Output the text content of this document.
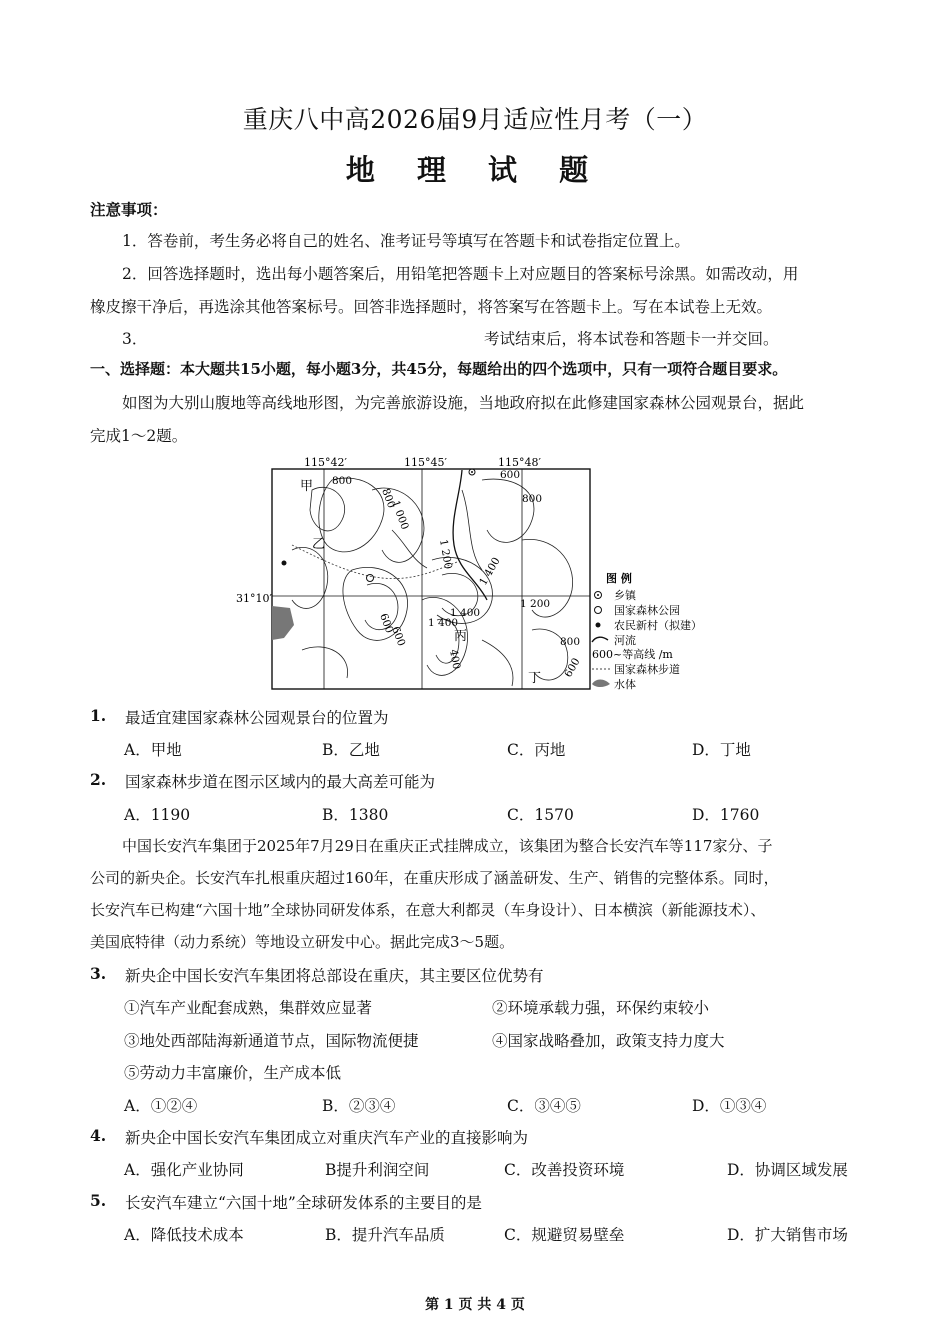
重庆八中高2026届9月适应性月考（一）
地 理 试 题
注意事项：
1．答卷前，考生务必将自己的姓名、准考证号等填写在答题卡和试卷指定位置上。
2．回答选择题时，选出每小题答案后，用铅笔把答题卡上对应题目的答案标号涂黑。如需改动，用
橡皮擦干净后，再选涂其他答案标号。回答非选择题时，将答案写在答题卡上。写在本试卷上无效。
3．	考试结束后，将本试卷和答题卡一并交回。
一、选择题：本大题共15小题，每小题3分，共45分，每题给出的四个选项中，只有一项符合题目要求。
如图为大别山腹地等高线地形图，为完善旅游设施，当地政府拟在此修建国家森林公园观景台，据此
完成1～2题。
115°42′	115°45′	115°48′
31°10′
800
800
1 000
600
800
1 200
1 400
1 400
1 200
600
600
1 400
400
800
600
甲
乙
丙
丁
图 例
乡镇
国家森林公园
农民新村（拟建）
河流
600~等高线 /m
国家森林步道
水体
1. 最适宜建国家森林公园观景台的位置为
A．甲地	B．乙地	C．丙地	D．丁地
2. 国家森林步道在图示区域内的最大高差可能为
A．1190	B．1380	C．1570	D．1760
中国长安汽车集团于2025年7月29日在重庆正式挂牌成立，该集团为整合长安汽车等117家分、子
公司的新央企。长安汽车扎根重庆超过160年，在重庆形成了涵盖研发、生产、销售的完整体系。同时，
长安汽车已构建“六国十地”全球协同研发体系，在意大利都灵（车身设计）、日本横滨（新能源技术）、
美国底特律（动力系统）等地设立研发中心。据此完成3～5题。
3. 新央企中国长安汽车集团将总部设在重庆，其主要区位优势有
①汽车产业配套成熟，集群效应显著	②环境承载力强，环保约束较小
③地处西部陆海新通道节点，国际物流便捷	④国家战略叠加，政策支持力度大
⑤劳动力丰富廉价，生产成本低
A．①②④	B．②③④	C．③④⑤	D．①③④
4. 新央企中国长安汽车集团成立对重庆汽车产业的直接影响为
A．强化产业协同	B提升利润空间	C．改善投资环境	D．协调区域发展
5. 长安汽车建立“六国十地”全球研发体系的主要目的是
A．降低技术成本	B．提升汽车品质	C．规避贸易壁垒	D．扩大销售市场
第 1 页 共 4 页
